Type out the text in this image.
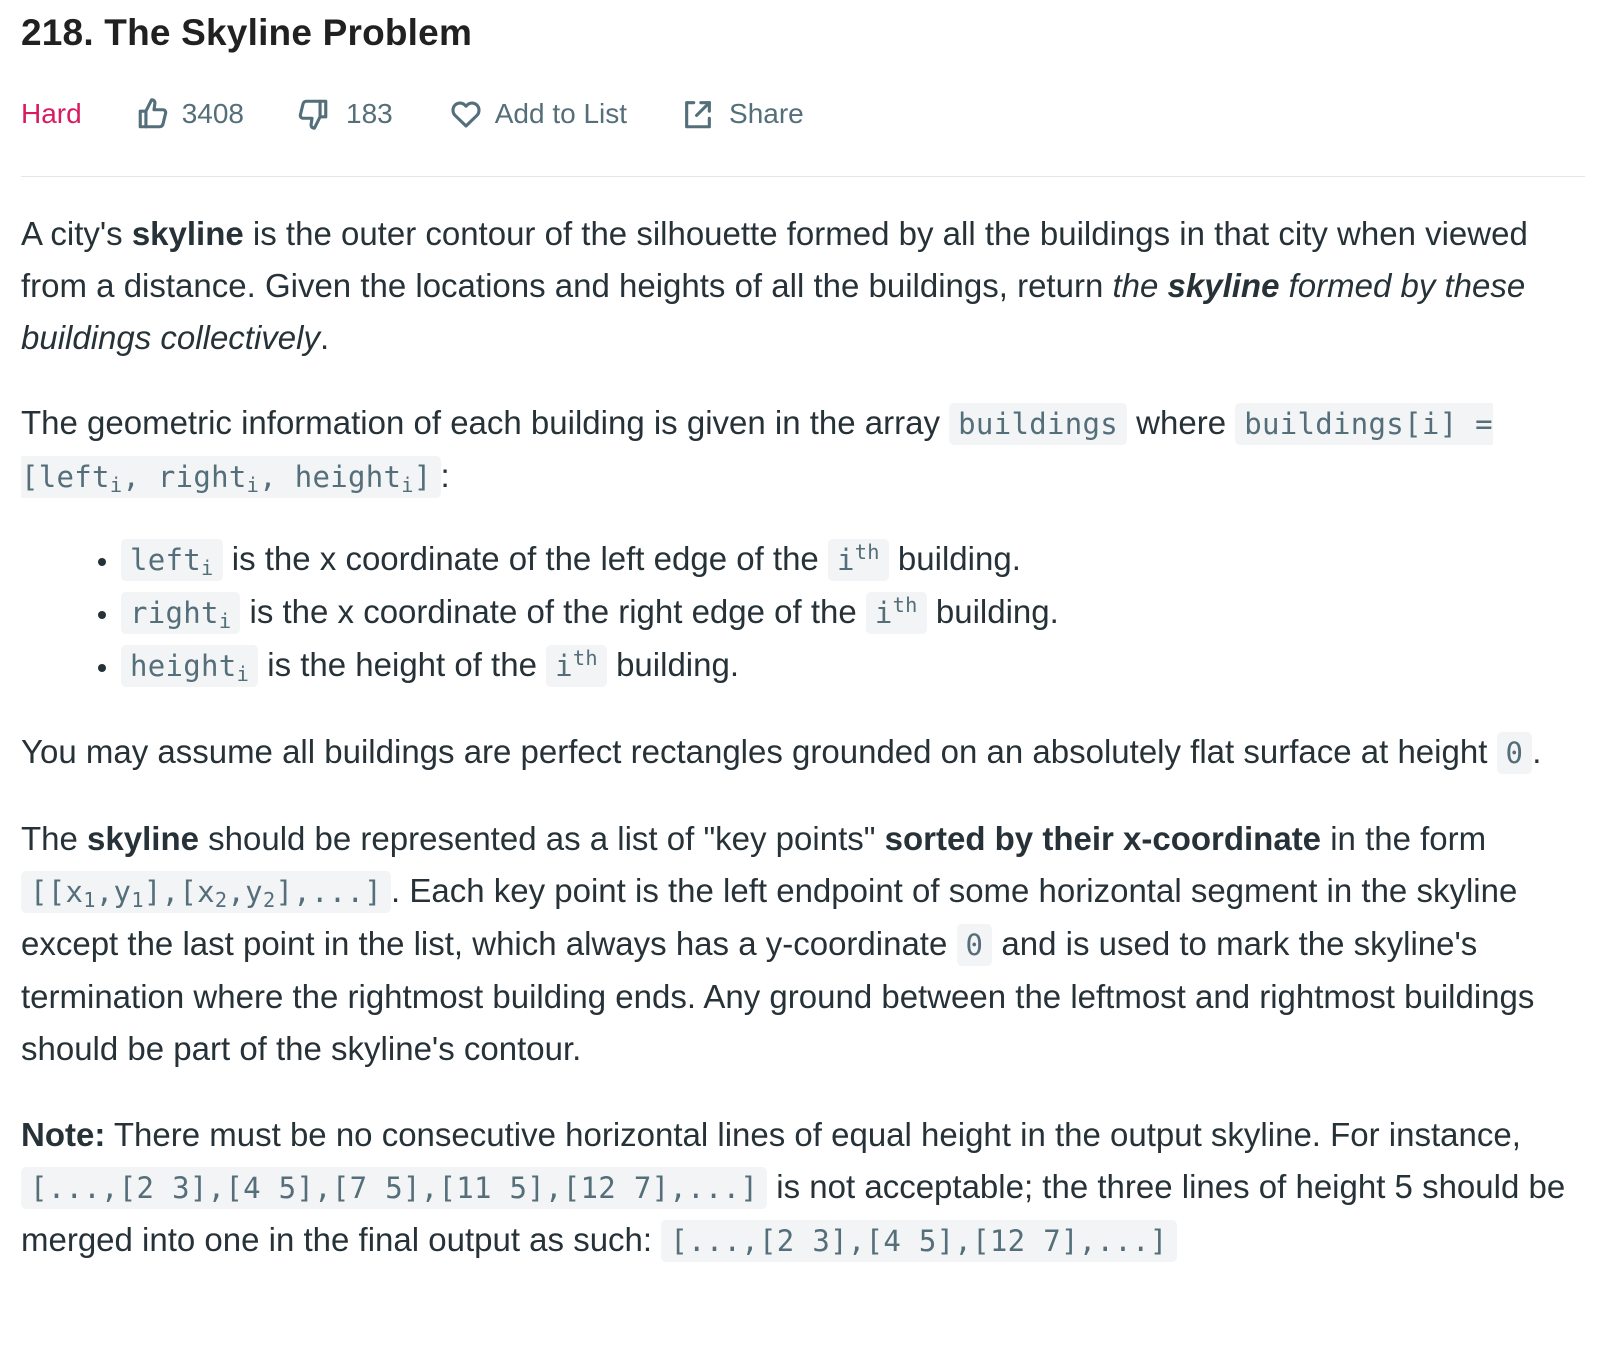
218. The Skyline Problem
Hard	3408	183	Add to List	Share

A city's skyline is the outer contour of the silhouette formed by all the buildings in that city when viewed from a distance. Given the locations and heights of all the buildings, return the skyline formed by these buildings collectively.

The geometric information of each building is given in the array buildings where buildings[i] = [left$_i$, right$_i$, height$_i$] :

• left$_i$ is the x coordinate of the left edge of the $i^{th}$ building.
• right$_i$ is the x coordinate of the right edge of the $i^{th}$ building.
• height$_i$ is the height of the $i^{th}$ building.

You may assume all buildings are perfect rectangles grounded on an absolutely flat surface at height 0 .

The skyline should be represented as a list of "key points" sorted by their x-coordinate in the form $[[x_1,y_1],[x_2,y_2],...]$ . Each key point is the left endpoint of some horizontal segment in the skyline except the last point in the list, which always has a y-coordinate 0 and is used to mark the skyline's termination where the rightmost building ends. Any ground between the leftmost and rightmost buildings should be part of the skyline's contour.

Note: There must be no consecutive horizontal lines of equal height in the output skyline. For instance, [...,[2 3],[4 5],[7 5],[11 5],[12 7],...] is not acceptable; the three lines of height 5 should be merged into one in the final output as such: [...,[2 3],[4 5],[12 7],...]
